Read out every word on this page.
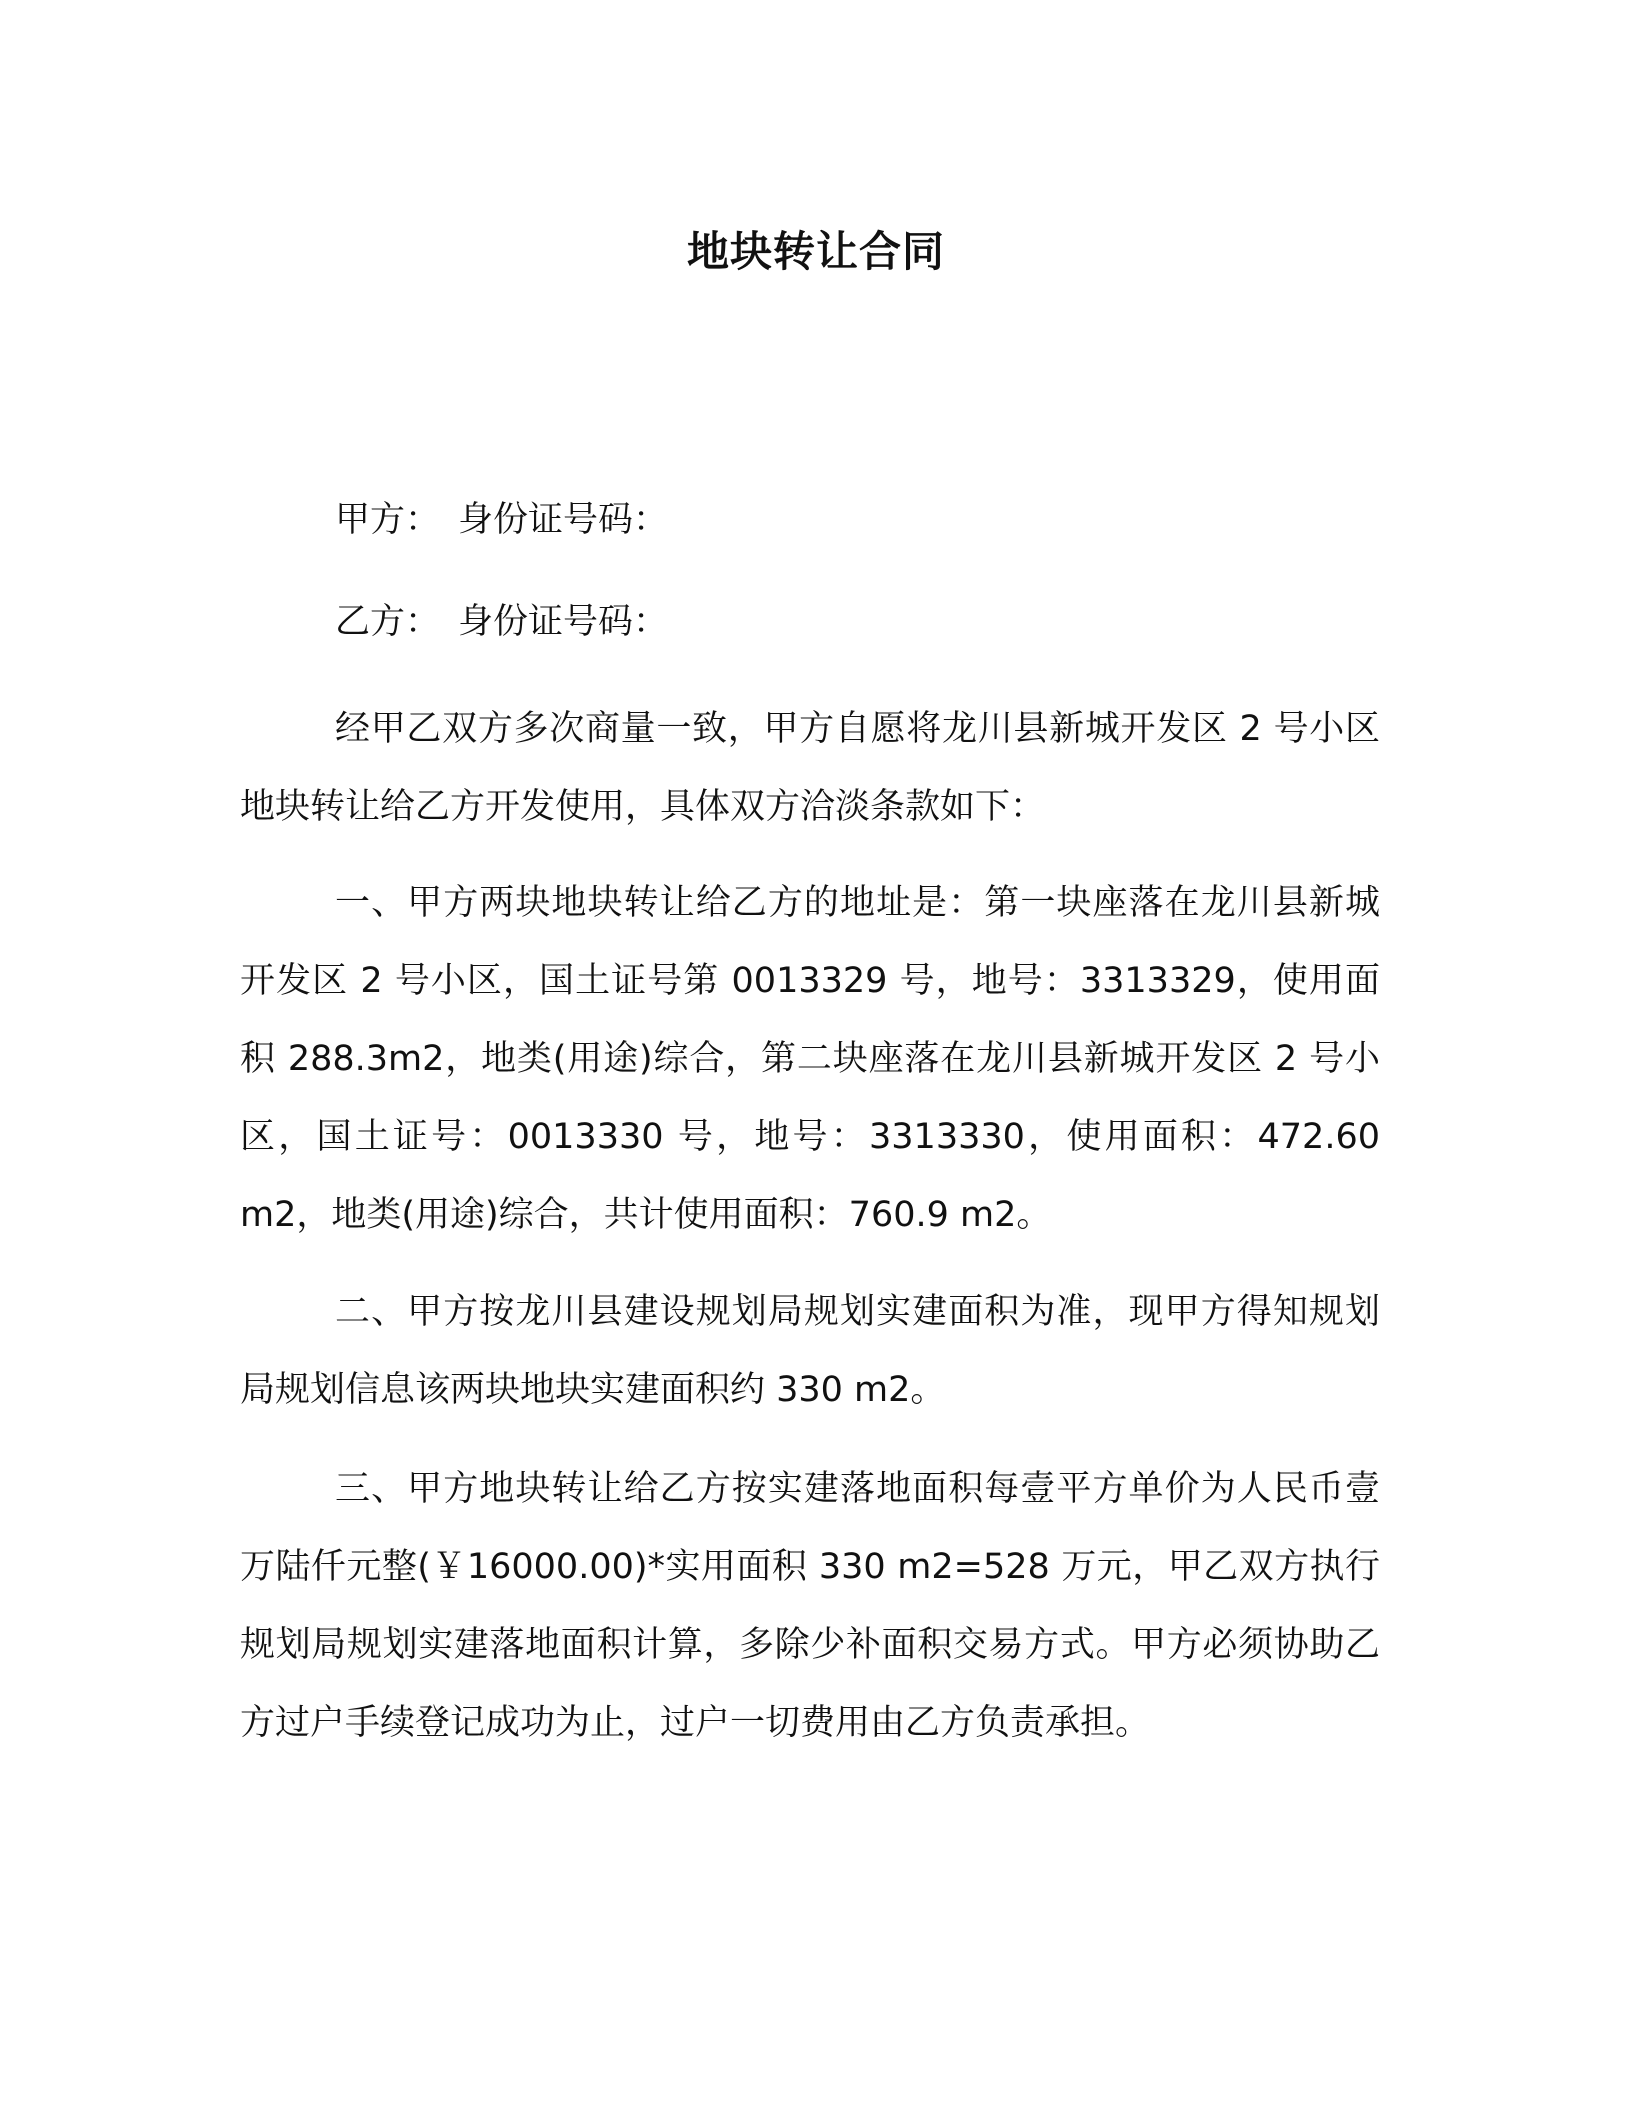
地块转让合同
甲方： 身份证号码：
乙方： 身份证号码：

经甲乙双方多次商量一致，甲方自愿将龙川县新城开发区 2 号小区地块转让给乙方开发使用，具体双方洽淡条款如下：

一、甲方两块地块转让给乙方的地址是：第一块座落在龙川县新城开发区 2 号小区，国土证号第 0013329 号，地号：3313329，使用面积 288.3m2，地类(用途)综合，第二块座落在龙川县新城开发区 2 号小区，国土证号：0013330 号，地号：3313330，使用面积：472.60 m2，地类(用途)综合，共计使用面积：760.9 m2。

二、甲方按龙川县建设规划局规划实建面积为准，现甲方得知规划局规划信息该两块地块实建面积约 330 m2。

三、甲方地块转让给乙方按实建落地面积每壹平方单价为人民币壹万陆仟元整(￥16000.00)*实用面积 330 m2=528 万元，甲乙双方执行规划局规划实建落地面积计算，多除少补面积交易方式。甲方必须协助乙方过户手续登记成功为止，过户一切费用由乙方负责承担。
